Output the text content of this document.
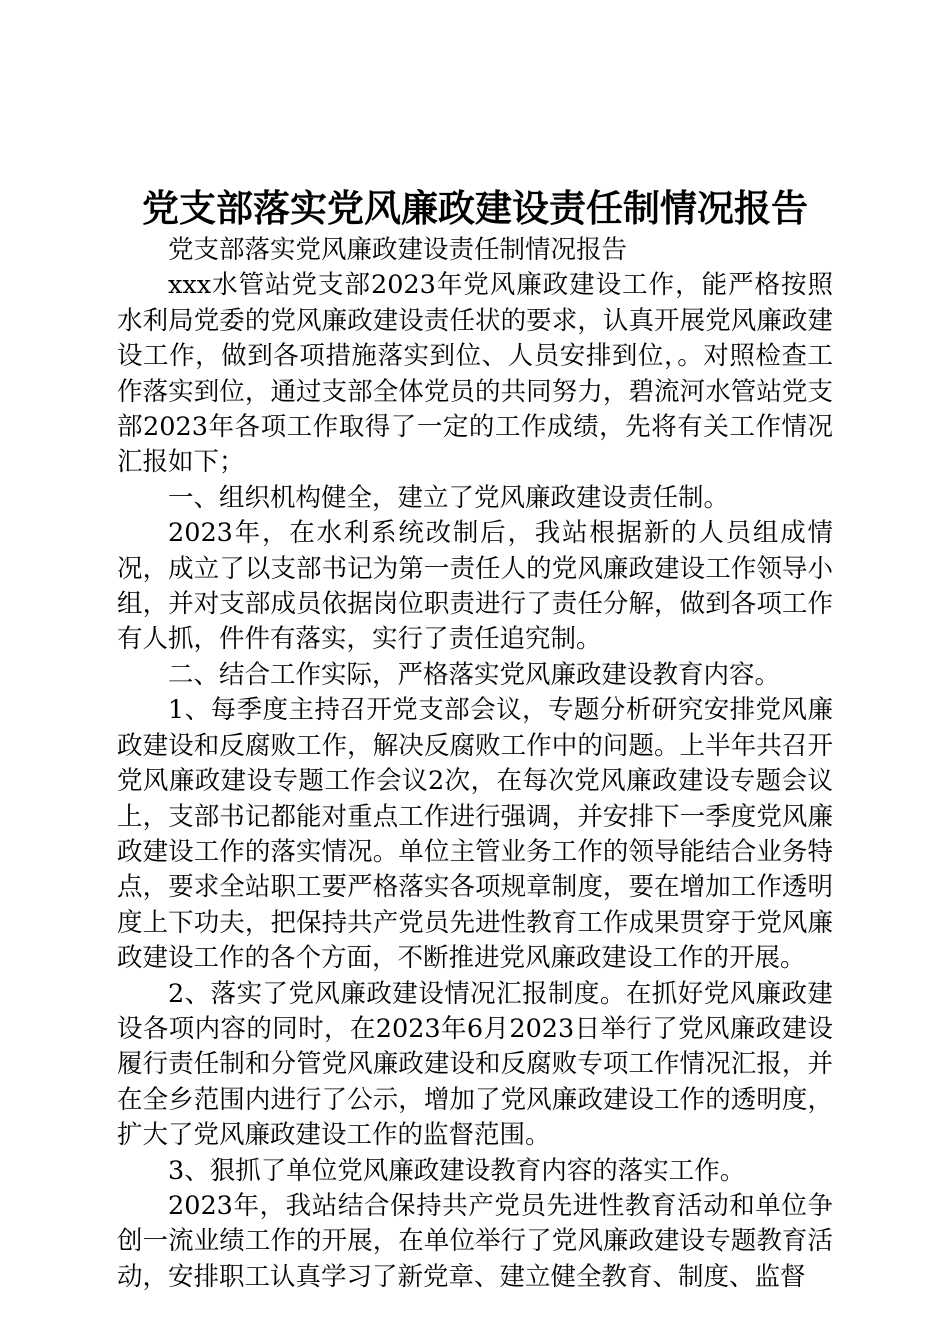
党支部落实党风廉政建设责任制情况报告

党支部落实党风廉政建设责任制情况报告

xxx水管站党支部2023年党风廉政建设工作，能严格按照水利局党委的党风廉政建设责任状的要求，认真开展党风廉政建设工作，做到各项措施落实到位、人员安排到位，。对照检查工作落实到位，通过支部全体党员的共同努力，碧流河水管站党支部2023年各项工作取得了一定的工作成绩，先将有关工作情况汇报如下；

一、组织机构健全，建立了党风廉政建设责任制。

2023年，在水利系统改制后，我站根据新的人员组成情况，成立了以支部书记为第一责任人的党风廉政建设工作领导小组，并对支部成员依据岗位职责进行了责任分解，做到各项工作有人抓，件件有落实，实行了责任追究制。

二、结合工作实际，严格落实党风廉政建设教育内容。

1、每季度主持召开党支部会议，专题分析研究安排党风廉政建设和反腐败工作，解决反腐败工作中的问题。上半年共召开党风廉政建设专题工作会议2次，在每次党风廉政建设专题会议上，支部书记都能对重点工作进行强调，并安排下一季度党风廉政建设工作的落实情况。单位主管业务工作的领导能结合业务特点，要求全站职工要严格落实各项规章制度，要在增加工作透明度上下功夫，把保持共产党员先进性教育工作成果贯穿于党风廉政建设工作的各个方面，不断推进党风廉政建设工作的开展。

2、落实了党风廉政建设情况汇报制度。在抓好党风廉政建设各项内容的同时，在2023年6月2023日举行了党风廉政建设履行责任制和分管党风廉政建设和反腐败专项工作情况汇报，并在全乡范围内进行了公示，增加了党风廉政建设工作的透明度，扩大了党风廉政建设工作的监督范围。

3、狠抓了单位党风廉政建设教育内容的落实工作。

2023年，我站结合保持共产党员先进性教育活动和单位争创一流业绩工作的开展，在单位举行了党风廉政建设专题教育活动，安排职工认真学习了新党章、建立健全教育、制度、监督
